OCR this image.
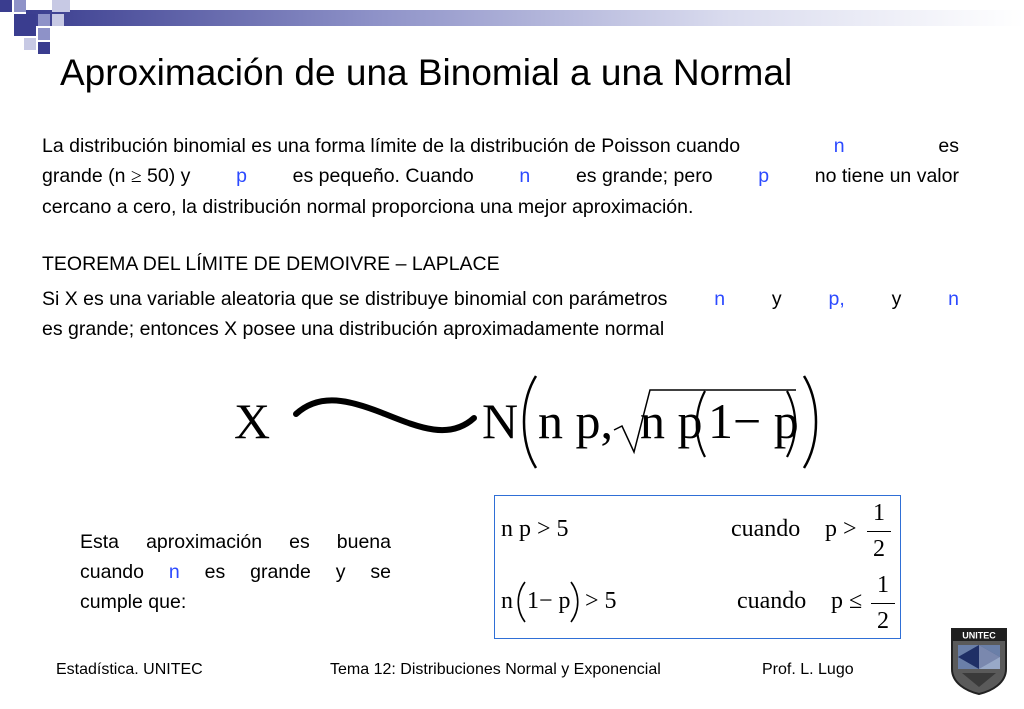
Aproximación de una Binomial a una Normal
La distribución binomial es una forma límite de la distribución de Poisson cuando	n	es
grande (n ≥ 50) y p es pequeño. Cuando n es grande; pero p no tiene un valor
cercano a cero, la distribución normal proporciona una mejor aproximación.
TEOREMA DEL LÍMITE DE DEMOIVRE – LAPLACE
Si X es una variable aleatoria que se distribuye binomial con parámetros n y p, y n
es grande; entonces X posee una distribución aproximadamente normal
X	N n p, n p 1− p
Esta aproximación es buena
cuando n es grande y se
cumple que:
n p > 5	cuando p >
1
2
n 1− p > 5	cuando p ≤
1
2
Estadística. UNITEC	Tema 12: Distribuciones Normal y Exponencial	Prof. L. Lugo
UNITEC
